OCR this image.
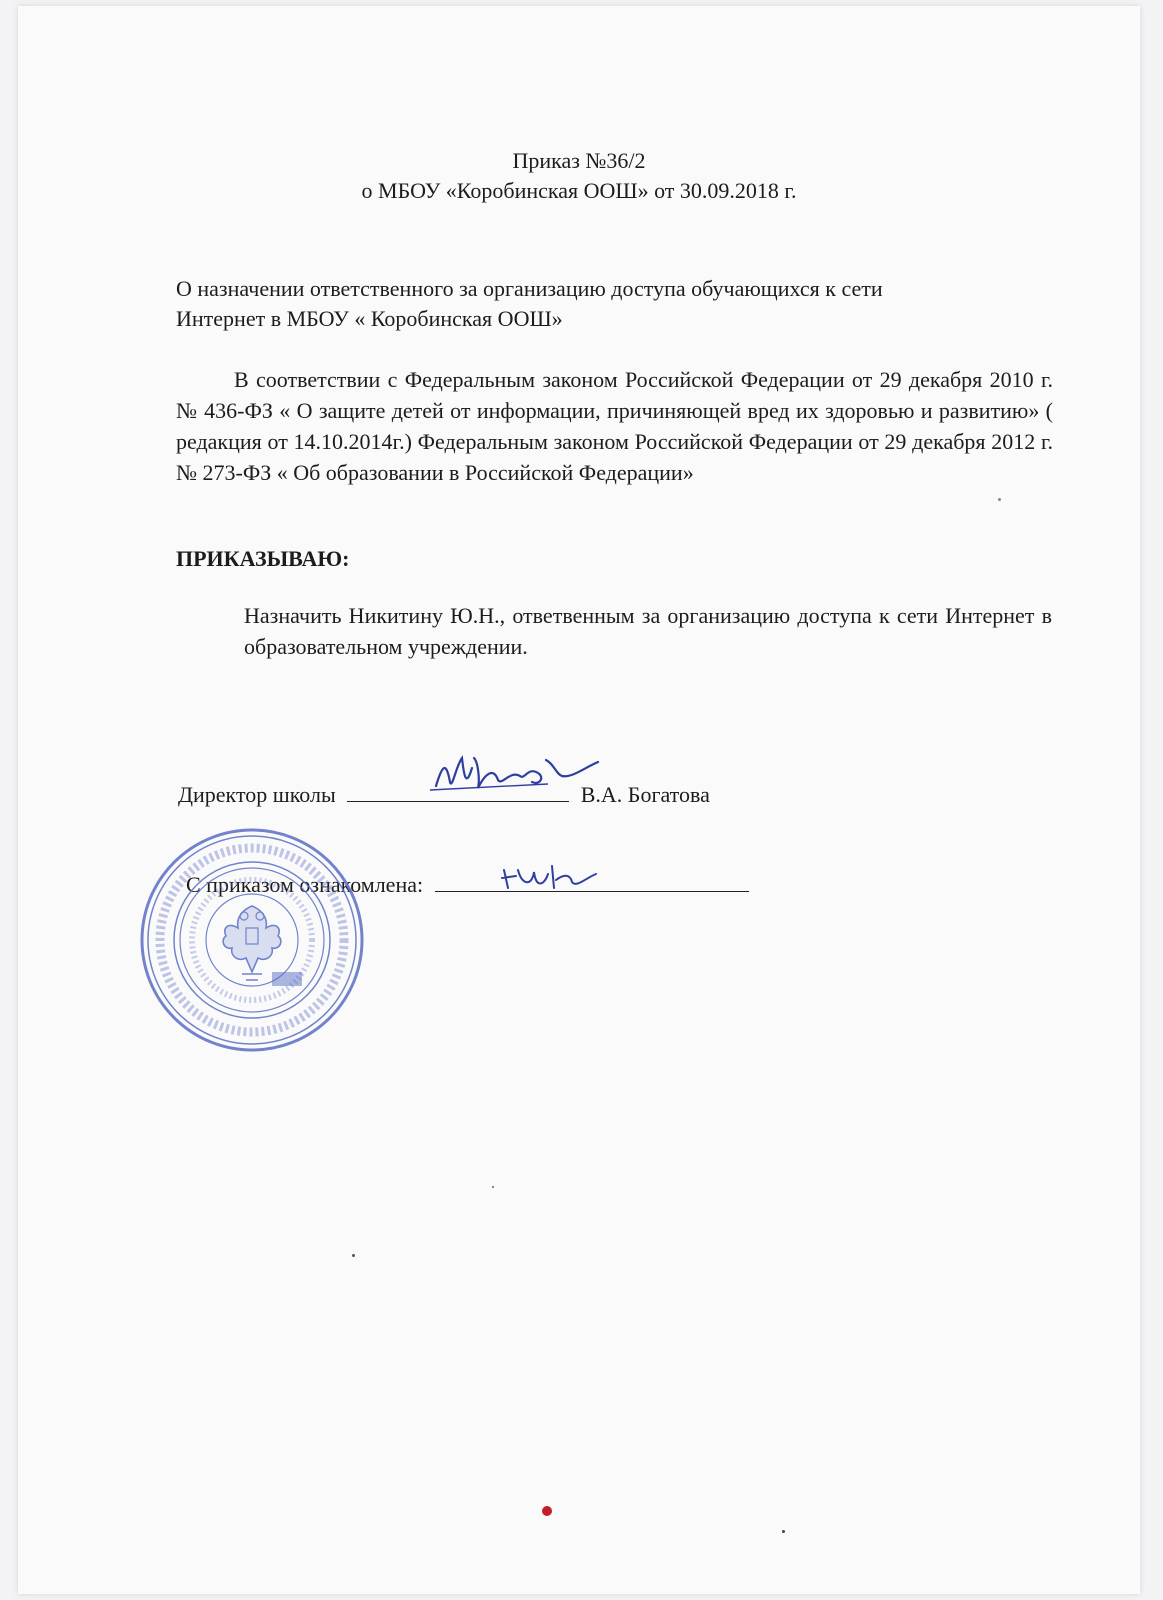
Приказ №36/2
о МБОУ «Коробинская ООШ» от 30.09.2018 г.
О назначении ответственного за организацию доступа обучающихся к сети
Интернет в МБОУ « Коробинская ООШ»
В соответствии с Федеральным законом Российской Федерации от 29 декабря 2010 г. № 436-ФЗ « О защите детей от информации, причиняющей вред их здоровью и развитию» ( редакция от 14.10.2014г.) Федеральным законом Российской Федерации от 29 декабря 2012 г. № 273-ФЗ « Об образовании в Российской Федерации»
ПРИКАЗЫВАЮ:
Назначить Никитину Ю.Н., ответвенным за организацию доступа к сети Интернет в образовательном учреждении.
Директор школы	В.А. Богатова
С приказом ознакомлена:
